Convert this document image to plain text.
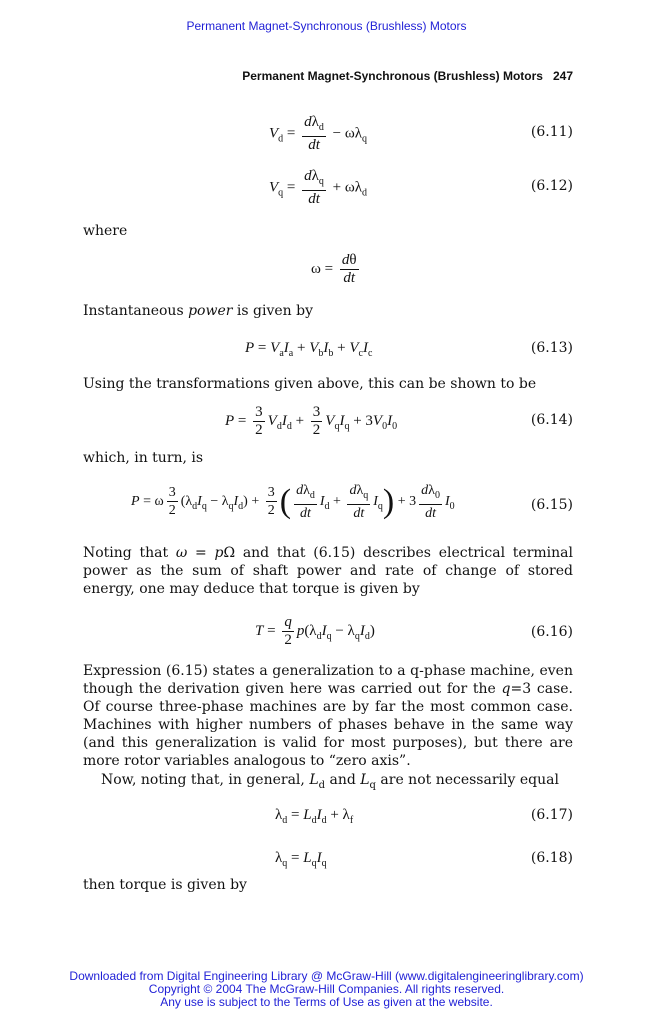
Permanent Magnet-Synchronous (Brushless) Motors
Permanent Magnet-Synchronous (Brushless) Motors 247
$V_d = \frac{d\lambda_d}{dt} - \omega\lambda_q$	(6.11)
$V_q = \frac{d\lambda_q}{dt} + \omega\lambda_d$	(6.12)
where
$\omega = \frac{d\theta}{dt}$
Instantaneous power is given by
$P = V_aI_a + V_bI_b + V_cI_c$	(6.13)
Using the transformations given above, this can be shown to be
$P = \frac{3}{2} V_dI_d + \frac{3}{2} V_qI_q + 3V_0I_0$	(6.14)
which, in turn, is
P = ω $\frac{3}{2} (\lambda_dI_q - \lambda_qI_d) + \frac{3}{2}$ ( $\frac{d\lambda_d}{dt} I_d + \frac{d\lambda_q}{dt} I_q) + 3 \frac{d\lambda_0}{dt} I_0$	(6.15)
Noting that ω = pΩ and that (6.15) describes electrical terminal power as the sum of shaft power and rate of change of stored energy, one may deduce that torque is given by
$T = \frac{q}{2} p(\lambda_dI_q - \lambda_qI_d)$	(6.16)
Expression (6.15) states a generalization to a q-phase machine, even though the derivation given here was carried out for the q=3 case. Of course three-phase machines are by far the most common case. Machines with higher numbers of phases behave in the same way (and this generalization is valid for most purposes), but there are more rotor variables analogous to “zero axis”.
Now, noting that, in general, $L_d$ and $L_q$ are not necessarily equal
$\lambda_d = L_dI_d + \lambda_f$	(6.17)
$\lambda_q = L_qI_q$	(6.18)
then torque is given by
Downloaded from Digital Engineering Library @ McGraw-Hill (www.digitalengineeringlibrary.com)
Copyright © 2004 The McGraw-Hill Companies. All rights reserved.
Any use is subject to the Terms of Use as given at the website.
